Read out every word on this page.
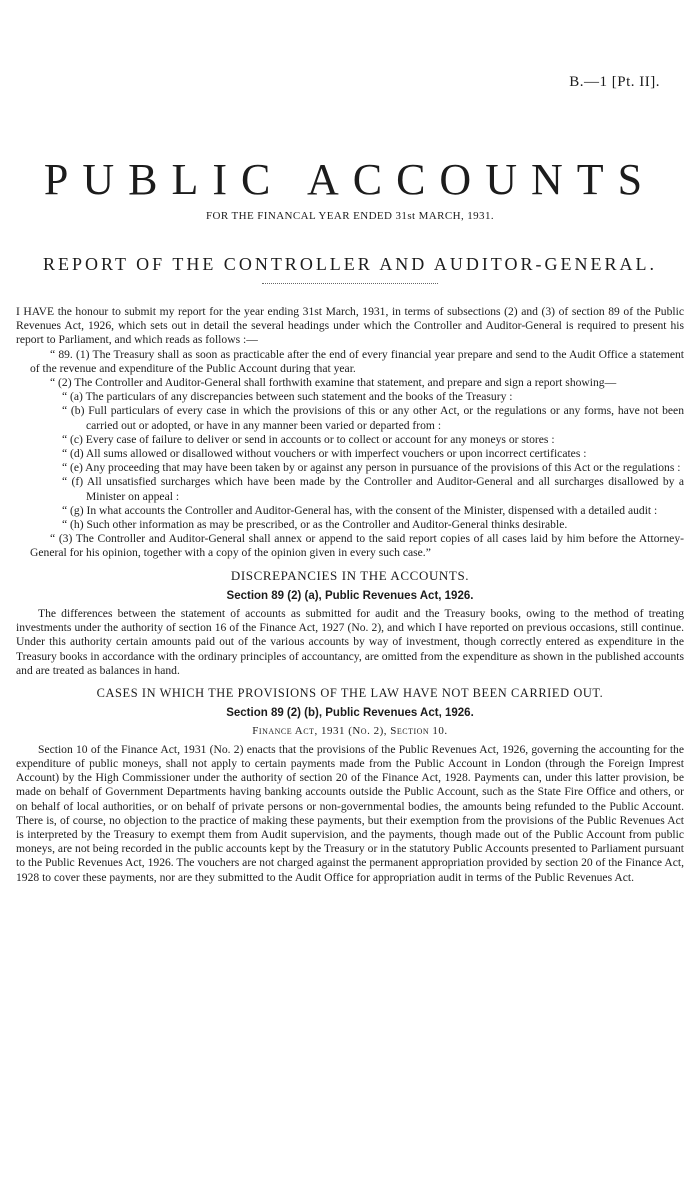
B.—1 [Pt. II].
PUBLIC ACCOUNTS
FOR THE FINANCAL YEAR ENDED 31st MARCH, 1931.
REPORT OF THE CONTROLLER AND AUDITOR-GENERAL.

I HAVE the honour to submit my report for the year ending 31st March, 1931, in terms of subsections (2) and (3) of section 89 of the Public Revenues Act, 1926, which sets out in detail the several headings under which the Controller and Auditor-General is required to present his report to Parliament, and which reads as follows :—

“ 89. (1) The Treasury shall as soon as practicable after the end of every financial year prepare and send to the Audit Office a statement of the revenue and expenditure of the Public Account during that year.

“ (2) The Controller and Auditor-General shall forthwith examine that statement, and prepare and sign a report showing—

“ (a) The particulars of any discrepancies between such statement and the books of the Treasury :

“ (b) Full particulars of every case in which the provisions of this or any other Act, or the regulations or any forms, have not been carried out or adopted, or have in any manner been varied or departed from :

“ (c) Every case of failure to deliver or send in accounts or to collect or account for any moneys or stores :

“ (d) All sums allowed or disallowed without vouchers or with imperfect vouchers or upon incorrect certificates :

“ (e) Any proceeding that may have been taken by or against any person in pursuance of the provisions of this Act or the regulations :

“ (f) All unsatisfied surcharges which have been made by the Controller and Auditor-General and all surcharges disallowed by a Minister on appeal :

“ (g) In what accounts the Controller and Auditor-General has, with the consent of the Minister, dispensed with a detailed audit :

“ (h) Such other information as may be prescribed, or as the Controller and Auditor-General thinks desirable.

“ (3) The Controller and Auditor-General shall annex or append to the said report copies of all cases laid by him before the Attorney-General for his opinion, together with a copy of the opinion given in every such case.”

DISCREPANCIES IN THE ACCOUNTS.

Section 89 (2) (a), Public Revenues Act, 1926.

The differences between the statement of accounts as submitted for audit and the Treasury books, owing to the method of treating investments under the authority of section 16 of the Finance Act, 1927 (No. 2), and which I have reported on previous occasions, still continue. Under this authority certain amounts paid out of the various accounts by way of investment, though correctly entered as expenditure in the Treasury books in accordance with the ordinary principles of accountancy, are omitted from the expenditure as shown in the published accounts and are treated as balances in hand.

CASES IN WHICH THE PROVISIONS OF THE LAW HAVE NOT BEEN CARRIED OUT.

Section 89 (2) (b), Public Revenues Act, 1926.

Finance Act, 1931 (No. 2), Section 10.

Section 10 of the Finance Act, 1931 (No. 2) enacts that the provisions of the Public Revenues Act, 1926, governing the accounting for the expenditure of public moneys, shall not apply to certain payments made from the Public Account in London (through the Foreign Imprest Account) by the High Commissioner under the authority of section 20 of the Finance Act, 1928. Payments can, under this latter provision, be made on behalf of Government Departments having banking accounts outside the Public Account, such as the State Fire Office and others, or on behalf of local authorities, or on behalf of private persons or non-governmental bodies, the amounts being refunded to the Public Account. There is, of course, no objection to the practice of making these payments, but their exemption from the provisions of the Public Revenues Act is interpreted by the Treasury to exempt them from Audit supervision, and the payments, though made out of the Public Account from public moneys, are not being recorded in the public accounts kept by the Treasury or in the statutory Public Accounts presented to Parliament pursuant to the Public Revenues Act, 1926. The vouchers are not charged against the permanent appropriation provided by section 20 of the Finance Act, 1928 to cover these payments, nor are they submitted to the Audit Office for appropriation audit in terms of the Public Revenues Act.
